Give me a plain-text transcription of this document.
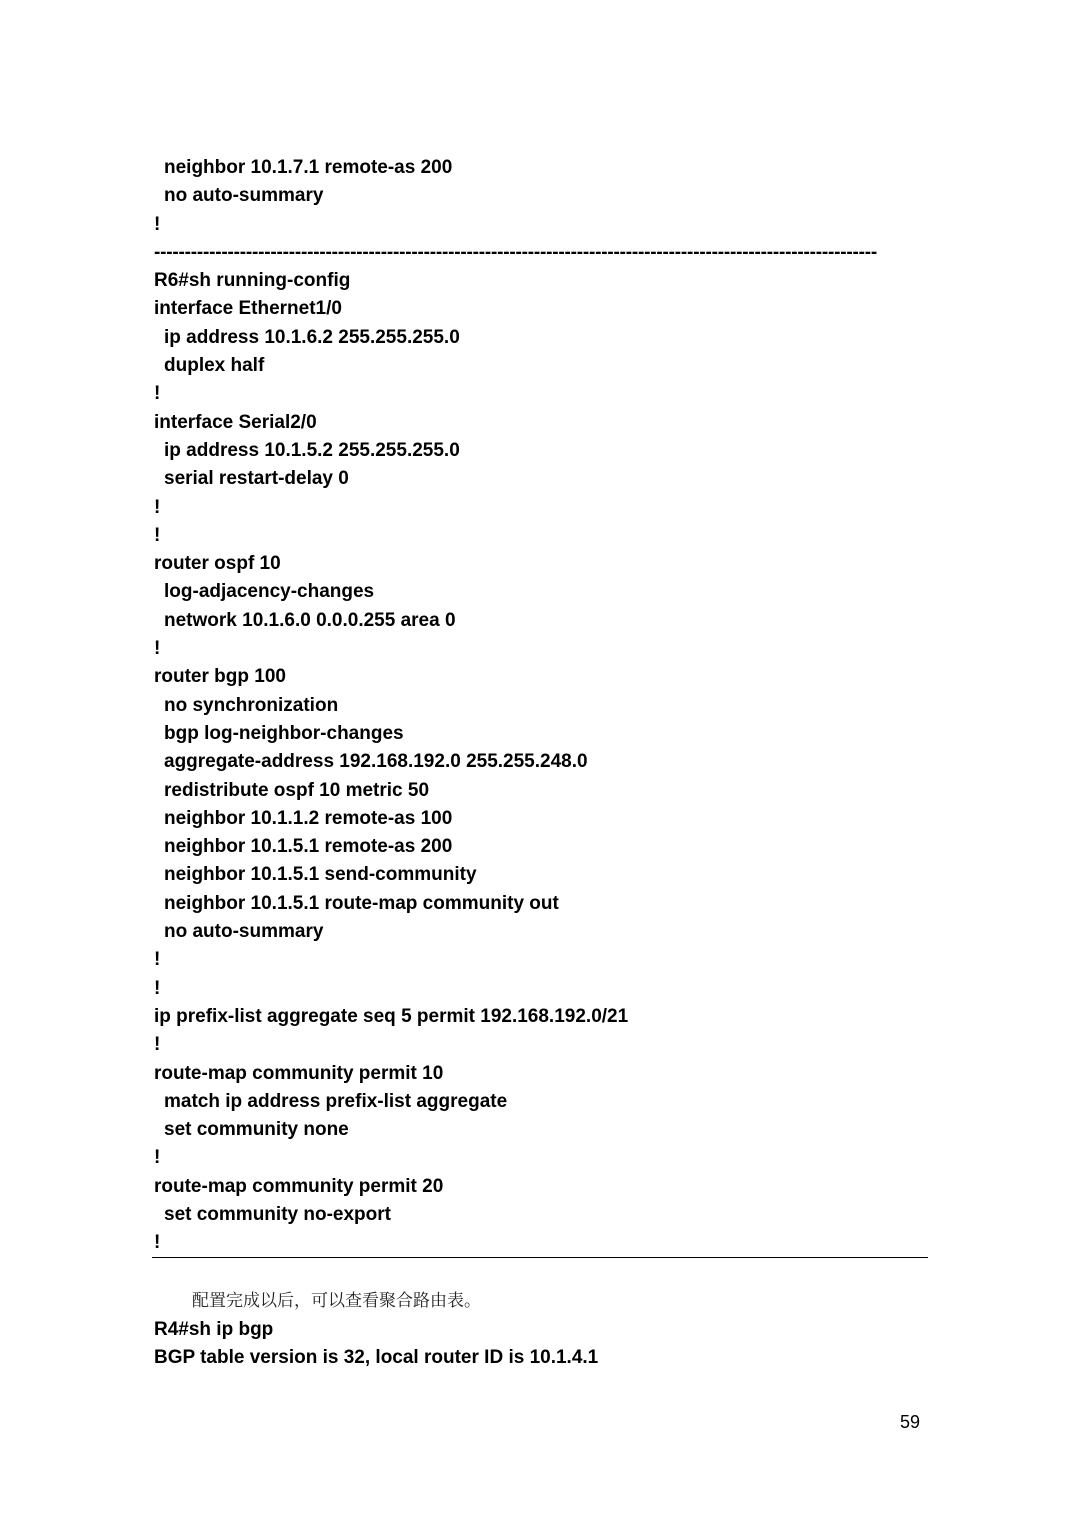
neighbor 10.1.7.1 remote-as 200
no auto-summary
!
----------------------------------------------------------------------------------------------------------------------
R6#sh running-config
interface Ethernet1/0
ip address 10.1.6.2 255.255.255.0
duplex half
!
interface Serial2/0
ip address 10.1.5.2 255.255.255.0
serial restart-delay 0
!
!
router ospf 10
log-adjacency-changes
network 10.1.6.0 0.0.0.255 area 0
!
router bgp 100
no synchronization
bgp log-neighbor-changes
aggregate-address 192.168.192.0 255.255.248.0
redistribute ospf 10 metric 50
neighbor 10.1.1.2 remote-as 100
neighbor 10.1.5.1 remote-as 200
neighbor 10.1.5.1 send-community
neighbor 10.1.5.1 route-map community out
no auto-summary
!
!
ip prefix-list aggregate seq 5 permit 192.168.192.0/21
!
route-map community permit 10
match ip address prefix-list aggregate
set community none
!
route-map community permit 20
set community no-export
!
配置完成以后，可以查看聚合路由表。
R4#sh ip bgp
BGP table version is 32, local router ID is 10.1.4.1
59
